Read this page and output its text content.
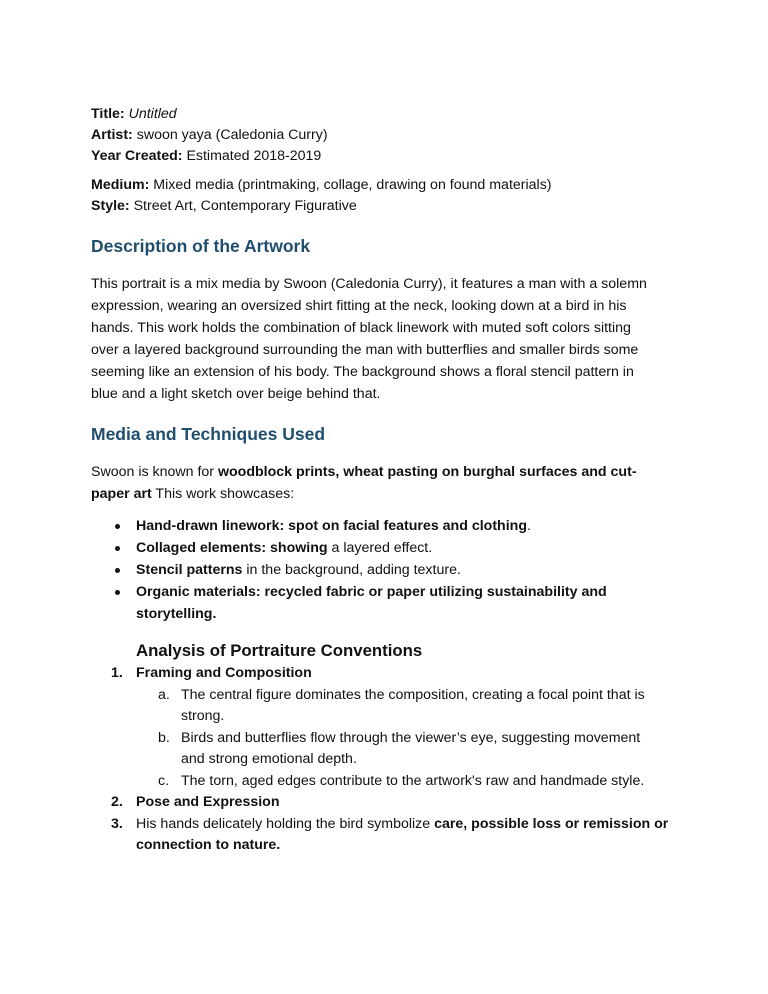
Title: Untitled
Artist: swoon yaya (Caledonia Curry)
Year Created: Estimated 2018-2019
Medium: Mixed media (printmaking, collage, drawing on found materials)
Style: Street Art, Contemporary Figurative
Description of the Artwork
This portrait is a mix media by Swoon (Caledonia Curry), it features a man with a solemn
expression, wearing an oversized shirt fitting at the neck, looking down at a bird in his
hands. This work holds the combination of black linework with muted soft colors sitting
over a layered background surrounding the man with butterflies and smaller birds some
seeming like an extension of his body. The background shows a floral stencil pattern in
blue and a light sketch over beige behind that.
Media and Techniques Used
Swoon is known for woodblock prints, wheat pasting on burghal surfaces and cut-
paper art This work showcases:
Hand-drawn linework: spot on facial features and clothing.
Collaged elements: showing a layered effect.
Stencil patterns in the background, adding texture.
Organic materials: recycled fabric or paper utilizing sustainability and
storytelling.
Analysis of Portraiture Conventions
1. Framing and Composition
a. The central figure dominates the composition, creating a focal point that is
strong.
b. Birds and butterflies flow through the viewer’s eye, suggesting movement
and strong emotional depth.
c. The torn, aged edges contribute to the artwork's raw and handmade style.
2. Pose and Expression
3. His hands delicately holding the bird symbolize care, possible loss or remission or
connection to nature.
